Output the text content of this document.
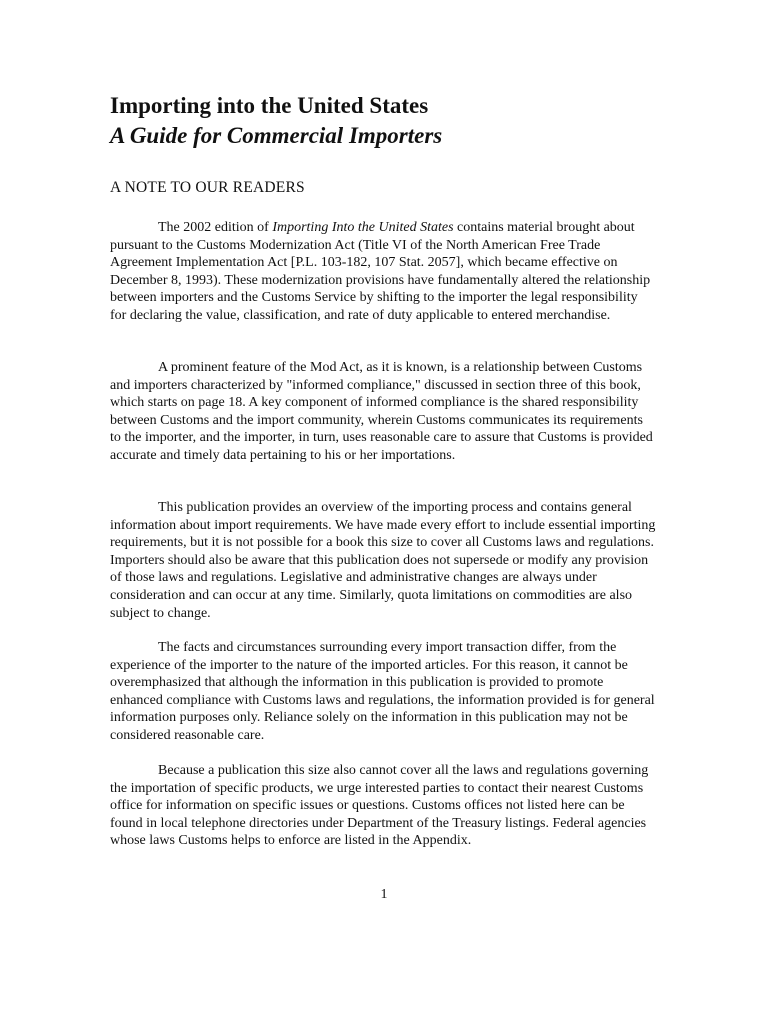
Importing into the United States
A Guide for Commercial Importers
A NOTE TO OUR READERS

The 2002 edition of Importing Into the United States contains material brought about pursuant to the Customs Modernization Act (Title VI of the North American Free Trade Agreement Implementation Act [P.L. 103-182, 107 Stat. 2057], which became effective on December 8, 1993). These modernization provisions have fundamentally altered the relationship between importers and the Customs Service by shifting to the importer the legal responsibility for declaring the value, classification, and rate of duty applicable to entered merchandise.

A prominent feature of the Mod Act, as it is known, is a relationship between Customs and importers characterized by "informed compliance," discussed in section three of this book, which starts on page 18. A key component of informed compliance is the shared responsibility between Customs and the import community, wherein Customs communicates its requirements to the importer, and the importer, in turn, uses reasonable care to assure that Customs is provided accurate and timely data pertaining to his or her importations.

This publication provides an overview of the importing process and contains general information about import requirements. We have made every effort to include essential importing requirements, but it is not possible for a book this size to cover all Customs laws and regulations. Importers should also be aware that this publication does not supersede or modify any provision of those laws and regulations. Legislative and administrative changes are always under consideration and can occur at any time. Similarly, quota limitations on commodities are also subject to change.

The facts and circumstances surrounding every import transaction differ, from the experience of the importer to the nature of the imported articles. For this reason, it cannot be overemphasized that although the information in this publication is provided to promote enhanced compliance with Customs laws and regulations, the information provided is for general information purposes only. Reliance solely on the information in this publication may not be considered reasonable care.

Because a publication this size also cannot cover all the laws and regulations governing the importation of specific products, we urge interested parties to contact their nearest Customs office for information on specific issues or questions. Customs offices not listed here can be found in local telephone directories under Department of the Treasury listings. Federal agencies whose laws Customs helps to enforce are listed in the Appendix.

1
